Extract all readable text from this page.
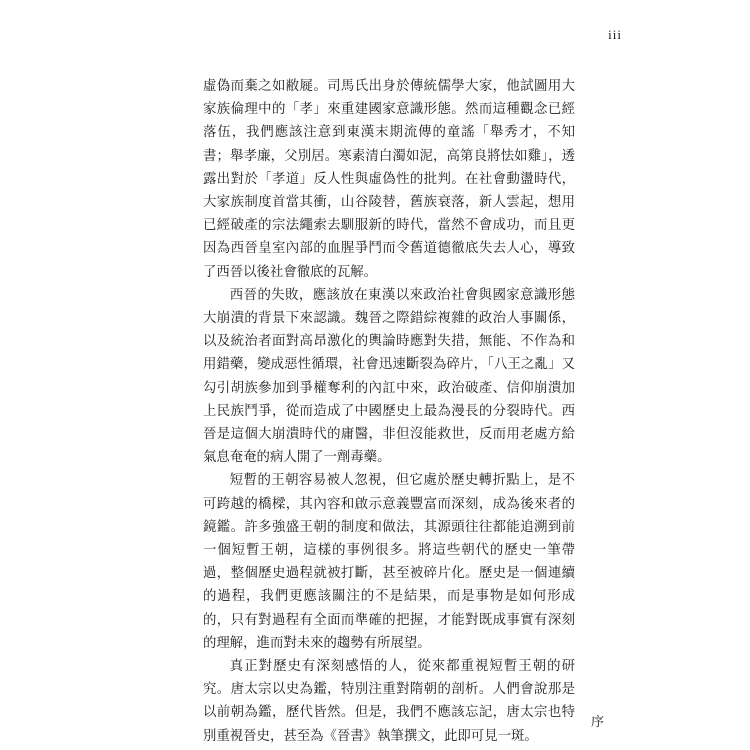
iii

虛偽而棄之如敝屣。司馬氏出身於傳統儒學大家，他試圖用大家族倫理中的「孝」來重建國家意識形態。然而這種觀念已經落伍，我們應該注意到東漢末期流傳的童謠「舉秀才，不知書；舉孝廉，父別居。寒素清白濁如泥，高第良將怯如雞」，透露出對於「孝道」反人性與虛偽性的批判。在社會動盪時代，大家族制度首當其衝，山谷陵替，舊族衰落，新人雲起，想用已經破產的宗法繩索去馴服新的時代，當然不會成功，而且更因為西晉皇室內部的血腥爭鬥而令舊道德徹底失去人心，導致了西晉以後社會徹底的瓦解。

西晉的失敗，應該放在東漢以來政治社會與國家意識形態大崩潰的背景下來認識。魏晉之際錯綜複雜的政治人事關係，以及統治者面對高昂激化的輿論時應對失措，無能、不作為和用錯藥，變成惡性循環，社會迅速斷裂為碎片，「八王之亂」又勾引胡族參加到爭權奪利的內訌中來，政治破產、信仰崩潰加上民族鬥爭，從而造成了中國歷史上最為漫長的分裂時代。西晉是這個大崩潰時代的庸醫，非但沒能救世，反而用老處方給氣息奄奄的病人開了一劑毒藥。

短暫的王朝容易被人忽視，但它處於歷史轉折點上，是不可跨越的橋樑，其內容和啟示意義豐富而深刻，成為後來者的鏡鑑。許多強盛王朝的制度和做法，其源頭往往都能追溯到前一個短暫王朝，這樣的事例很多。將這些朝代的歷史一筆帶過，整個歷史過程就被打斷，甚至被碎片化。歷史是一個連續的過程，我們更應該關注的不是結果，而是事物是如何形成的，只有對過程有全面而準確的把握，才能對既成事實有深刻的理解，進而對未來的趨勢有所展望。

真正對歷史有深刻感悟的人，從來都重視短暫王朝的研究。唐太宗以史為鑑，特別注重對隋朝的剖析。人們會說那是以前朝為鑑，歷代皆然。但是，我們不應該忘記，唐太宗也特別重視晉史，甚至為《晉書》執筆撰文，此即可見一斑。

序
